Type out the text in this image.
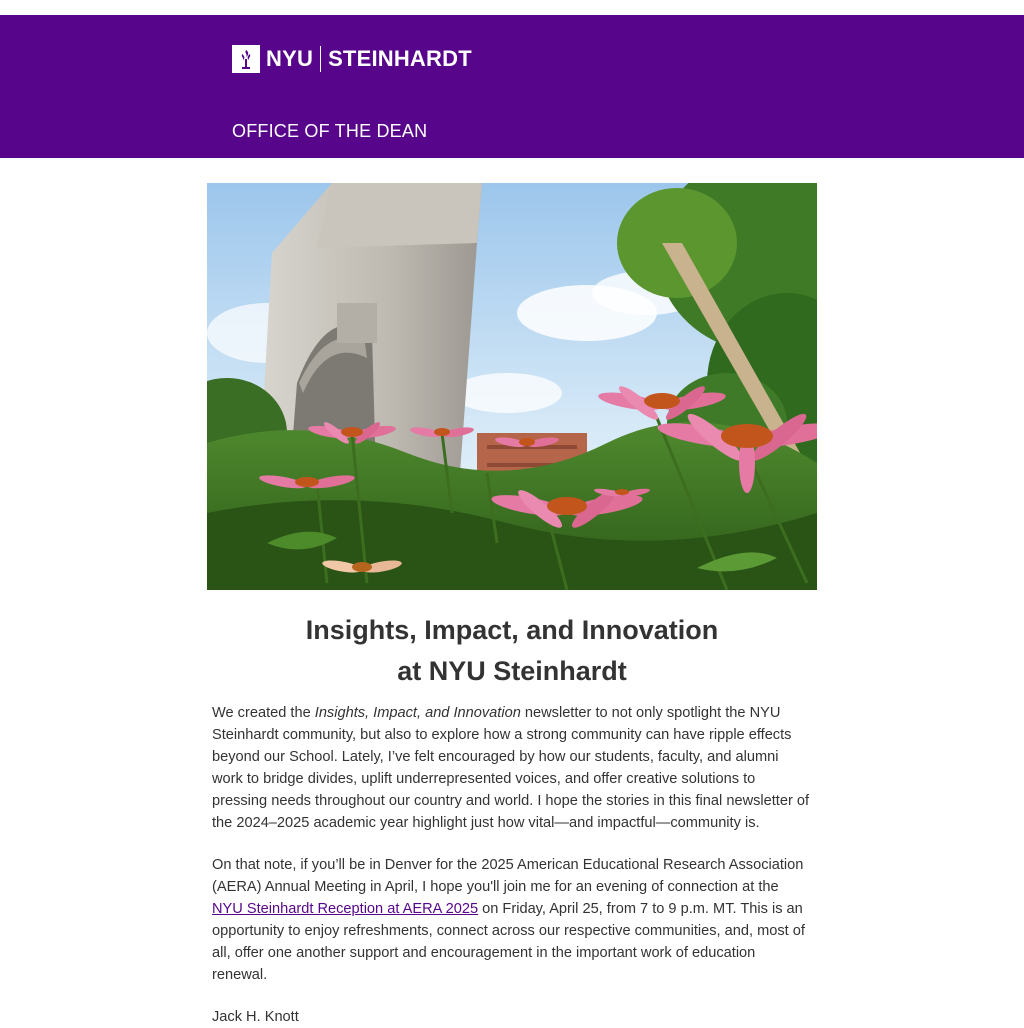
NYU STEINHARDT
OFFICE OF THE DEAN
Insights, Impact, and Innovation
at NYU Steinhardt

We created the Insights, Impact, and Innovation newsletter to not only spotlight the NYU Steinhardt community, but also to explore how a strong community can have ripple effects beyond our School. Lately, I’ve felt encouraged by how our students, faculty, and alumni work to bridge divides, uplift underrepresented voices, and offer creative solutions to pressing needs throughout our country and world. I hope the stories in this final newsletter of the 2024–2025 academic year highlight just how vital—and impactful—community is.

On that note, if you’ll be in Denver for the 2025 American Educational Research Association (AERA) Annual Meeting in April, I hope you'll join me for an evening of connection at the NYU Steinhardt Reception at AERA 2025 on Friday, April 25, from 7 to 9 p.m. MT. This is an opportunity to enjoy refreshments, connect across our respective communities, and, most of all, offer one another support and encouragement in the important work of education renewal.

Jack H. Knott
